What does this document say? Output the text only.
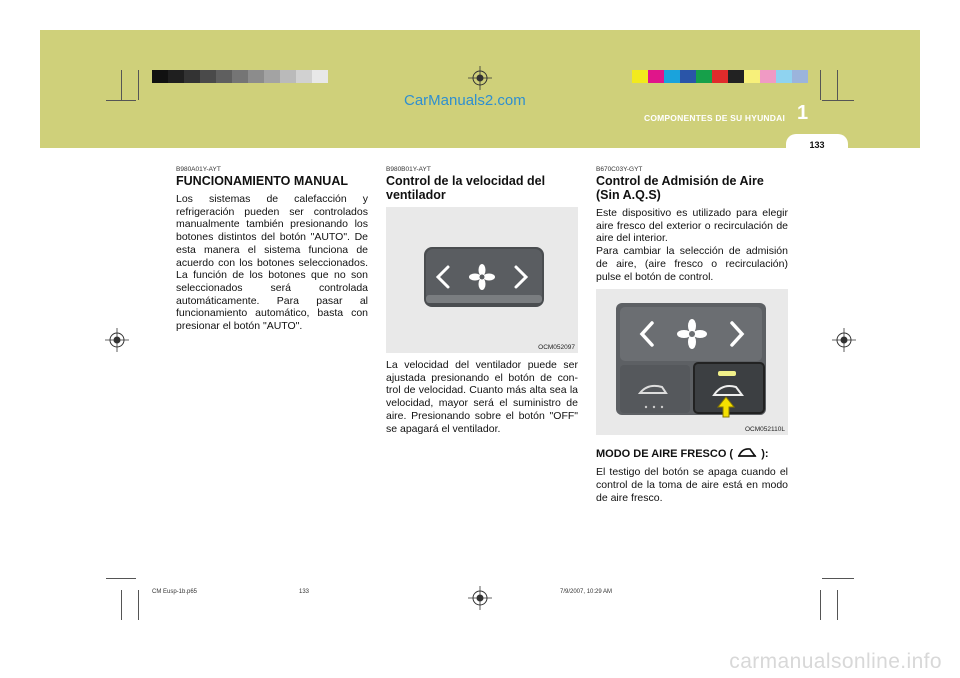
CarManuals2.com
COMPONENTES DE SU HYUNDAI 1
133
B980A01Y-AYT
FUNCIONAMIENTO MANUAL

Los sistemas de calefacción y refrigeración pueden ser controlados manualmente también presionando los botones distintos del botón "AUTO". De esta manera el sistema funciona de acuerdo con los botones seleccionados. La función de los botones que no son seleccionados será controlada automáticamente. Para pasar al funcionamiento automático, basta con presionar el botón "AUTO".

B980B01Y-AYT
Control de la velocidad del ventilador
OCM052097

La velocidad del ventilador puede ser ajustada presionando el botón de con-trol de velocidad. Cuanto más alta sea la velocidad, mayor será el suministro de aire. Presionando sobre el botón "OFF" se apagará el ventilador.

B670C03Y-GYT
Control de Admisión de Aire (Sin A.Q.S)

Este dispositivo es utilizado para elegir aire fresco del exterior o recirculación de aire del interior.

Para cambiar la selección de admisión de aire, (aire fresco o recirculación) pulse el botón de control.

OCM052110L
MODO DE AIRE FRESCO (	):

El testigo del botón se apaga cuando el control de la toma de aire está en modo de aire fresco.

CM Eusp-1b.p65	133	7/9/2007, 10:29 AM
carmanualsonline.info
